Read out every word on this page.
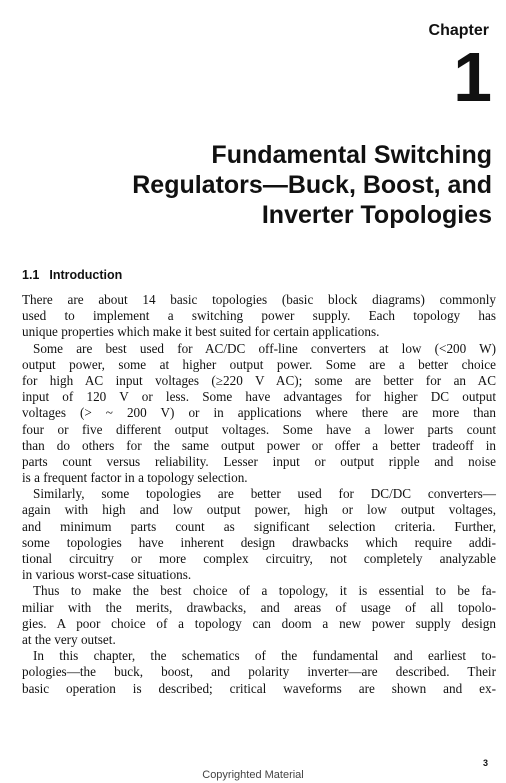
Chapter
1
Fundamental Switching
Regulators—Buck, Boost, and
Inverter Topologies
1.1 Introduction
There are about 14 basic topologies (basic block diagrams) commonly
used to implement a switching power supply. Each topology has
unique properties which make it best suited for certain applications.
Some are best used for AC/DC off-line converters at low (<200 W)
output power, some at higher output power. Some are a better choice
for high AC input voltages (≥220 V AC); some are better for an AC
input of 120 V or less. Some have advantages for higher DC output
voltages (> ~ 200 V) or in applications where there are more than
four or five different output voltages. Some have a lower parts count
than do others for the same output power or offer a better tradeoff in
parts count versus reliability. Lesser input or output ripple and noise
is a frequent factor in a topology selection.
Similarly, some topologies are better used for DC/DC converters—
again with high and low output power, high or low output voltages,
and minimum parts count as significant selection criteria. Further,
some topologies have inherent design drawbacks which require addi-
tional circuitry or more complex circuitry, not completely analyzable
in various worst-case situations.
Thus to make the best choice of a topology, it is essential to be fa-
miliar with the merits, drawbacks, and areas of usage of all topolo-
gies. A poor choice of a topology can doom a new power supply design
at the very outset.
In this chapter, the schematics of the fundamental and earliest to-
pologies—the buck, boost, and polarity inverter—are described. Their
basic operation is described; critical waveforms are shown and ex-
3
Copyrighted Material
